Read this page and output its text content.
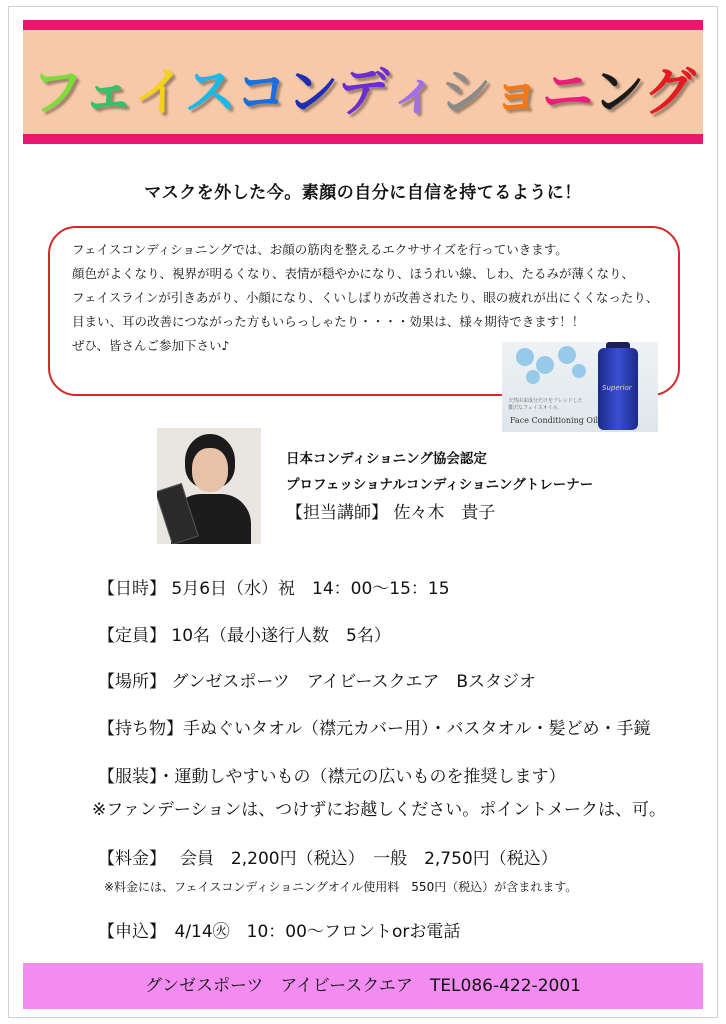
フェイスコンディショニング
マスクを外した今。素顔の自分に自信を持てるように！
フェイスコンディショニングでは、お顔の筋肉を整えるエクササイズを行っていきます。
顔色がよくなり、視界が明るくなり、表情が穏やかになり、ほうれい線、しわ、たるみが薄くなり、
フェイスラインが引きあがり、小顔になり、くいしばりが改善されたり、眼の疲れが出にくくなったり、
目まい、耳の改善につながった方もいらっしゃたり・・・・効果は、様々期待できます！！
ぜひ、皆さんご参加下さい♪
Superior
天然由来成分だけをブレンドした
贅沢なフェイスオイル。
Face Conditioning Oil
日本コンディショニング協会認定
プロフェッショナルコンディショニングトレーナー
【担当講師】 佐々木　貴子
【日時】 5月6日（水）祝　14：00～15：15
【定員】 10名（最小遂行人数　5名）
【場所】 グンゼスポーツ　アイビースクエア　Bスタジオ
【持ち物】手ぬぐいタオル（襟元カバー用）・バスタオル・髪どめ・手鏡
【服装】・運動しやすいもの（襟元の広いものを推奨します）
※ファンデーションは、つけずにお越しください。ポイントメークは、可。
【料金】　 会員　2,200円（税込）　一般　2,750円（税込）
【申込】　4/14㊋　10：00～フロントorお電話
※料金には、フェイスコンディショニングオイル使用料　550円（税込）が含まれます。
グンゼスポーツ　アイビースクエア　TEL086-422-2001
